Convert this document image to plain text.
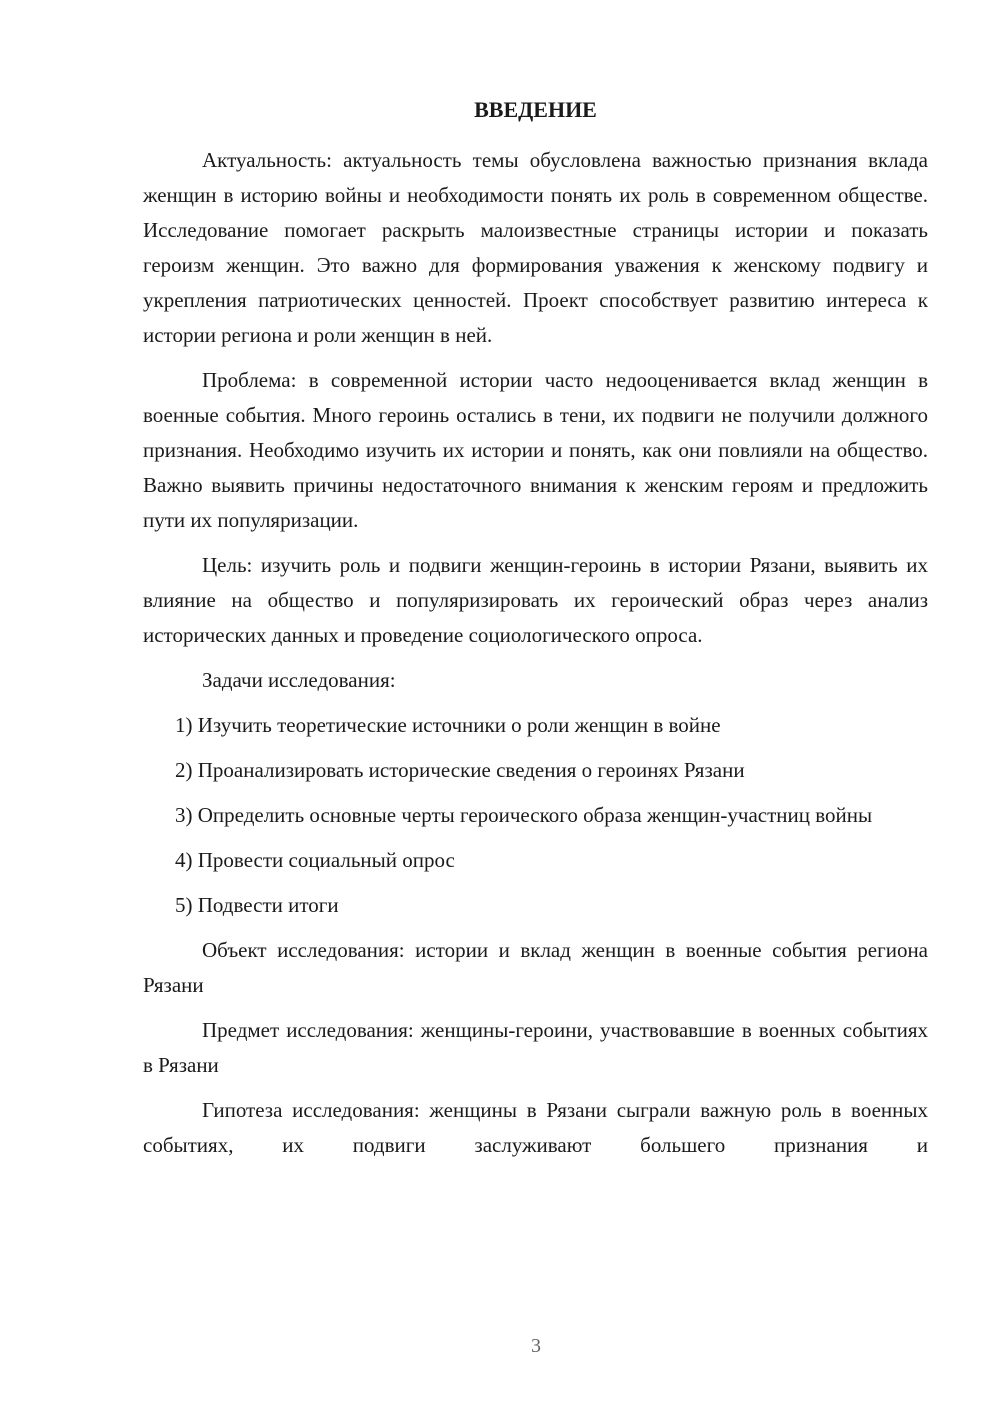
ВВЕДЕНИЕ

Актуальность: актуальность темы обусловлена важностью признания вклада женщин в историю войны и необходимости понять их роль в современном обществе. Исследование помогает раскрыть малоизвестные страницы истории и показать героизм женщин. Это важно для формирования уважения к женскому подвигу и укрепления патриотических ценностей. Проект способствует развитию интереса к истории региона и роли женщин в ней.

Проблема: в современной истории часто недооценивается вклад женщин в военные события. Много героинь остались в тени, их подвиги не получили должного признания. Необходимо изучить их истории и понять, как они повлияли на общество. Важно выявить причины недостаточного внимания к женским героям и предложить пути их популяризации.

Цель: изучить роль и подвиги женщин-героинь в истории Рязани, выявить их влияние на общество и популяризировать их героический образ через анализ исторических данных и проведение социологического опроса.

Задачи исследования:

1) Изучить теоретические источники о роли женщин в войне

2) Проанализировать исторические сведения о героинях Рязани

3) Определить основные черты героического образа женщин-участниц войны

4) Провести социальный опрос

5) Подвести итоги

Объект исследования: истории и вклад женщин в военные события региона Рязани

Предмет исследования: женщины-героини, участвовавшие в военных событиях в Рязани

Гипотеза исследования: женщины в Рязани сыграли важную роль в военных событиях, их подвиги заслуживают большего признания и

3
